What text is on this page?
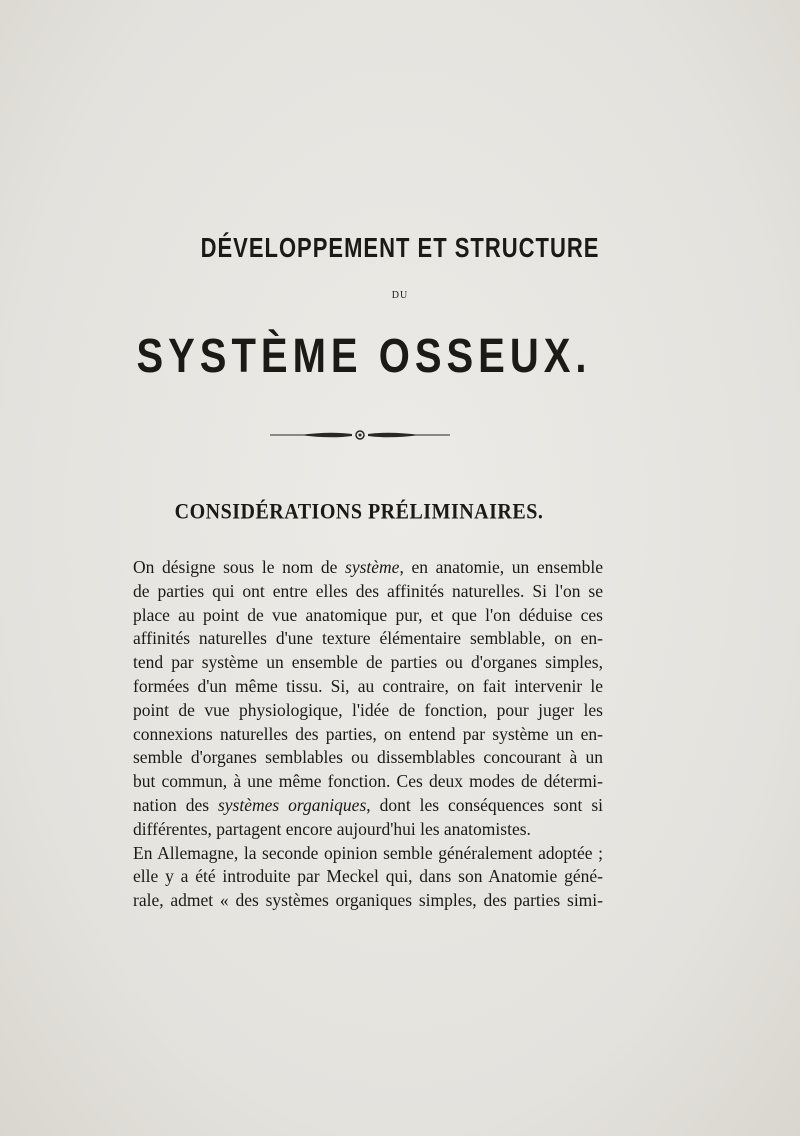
DÉVELOPPEMENT ET STRUCTURE
DU
SYSTÈME OSSEUX.
CONSIDÉRATIONS PRÉLIMINAIRES.
On désigne sous le nom de système, en anatomie, un ensemble
de parties qui ont entre elles des affinités naturelles. Si l'on se
place au point de vue anatomique pur, et que l'on déduise ces
affinités naturelles d'une texture élémentaire semblable, on en-
tend par système un ensemble de parties ou d'organes simples,
formées d'un même tissu. Si, au contraire, on fait intervenir le
point de vue physiologique, l'idée de fonction, pour juger les
connexions naturelles des parties, on entend par système un en-
semble d'organes semblables ou dissemblables concourant à un
but commun, à une même fonction. Ces deux modes de détermi-
nation des systèmes organiques, dont les conséquences sont si
différentes, partagent encore aujourd'hui les anatomistes.
En Allemagne, la seconde opinion semble généralement adoptée ;
elle y a été introduite par Meckel qui, dans son Anatomie géné-
rale, admet « des systèmes organiques simples, des parties simi-
